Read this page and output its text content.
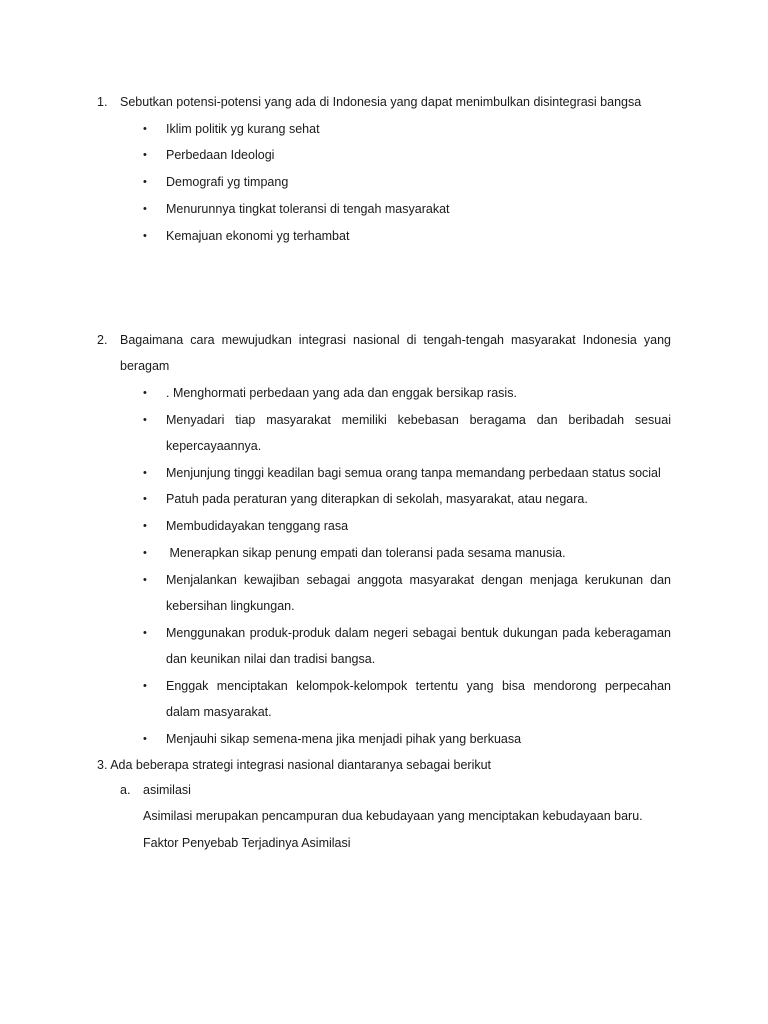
1. Sebutkan potensi-potensi yang ada di Indonesia yang dapat menimbulkan disintegrasi bangsa
• Iklim politik yg kurang sehat
• Perbedaan Ideologi
• Demografi yg timpang
• Menurunnya tingkat toleransi di tengah masyarakat
• Kemajuan ekonomi yg terhambat
2. Bagaimana cara mewujudkan integrasi nasional di tengah-tengah masyarakat Indonesia yang
beragam
• . Menghormati perbedaan yang ada dan enggak bersikap rasis.
• Menyadari tiap masyarakat memiliki kebebasan beragama dan beribadah sesuai
kepercayaannya.
• Menjunjung tinggi keadilan bagi semua orang tanpa memandang perbedaan status social
• Patuh pada peraturan yang diterapkan di sekolah, masyarakat, atau negara.
• Membudidayakan tenggang rasa
• Menerapkan sikap penung empati dan toleransi pada sesama manusia.
• Menjalankan kewajiban sebagai anggota masyarakat dengan menjaga kerukunan dan
kebersihan lingkungan.
• Menggunakan produk-produk dalam negeri sebagai bentuk dukungan pada keberagaman
dan keunikan nilai dan tradisi bangsa.
• Enggak menciptakan kelompok-kelompok tertentu yang bisa mendorong perpecahan
dalam masyarakat.
• Menjauhi sikap semena-mena jika menjadi pihak yang berkuasa
3. Ada beberapa strategi integrasi nasional diantaranya sebagai berikut
a. asimilasi
Asimilasi merupakan pencampuran dua kebudayaan yang menciptakan kebudayaan baru.
Faktor Penyebab Terjadinya Asimilasi
